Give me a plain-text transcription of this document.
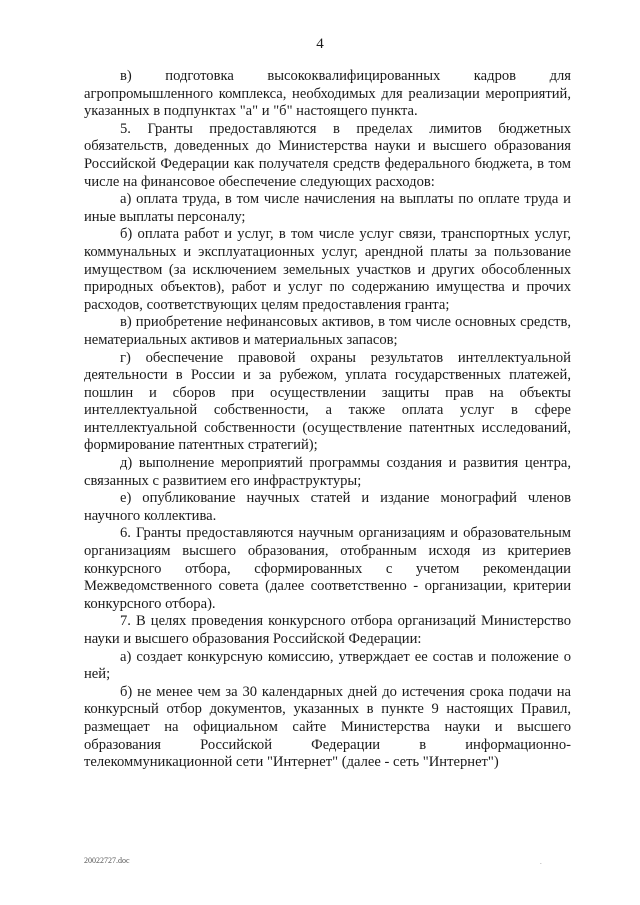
4

в) подготовка высококвалифицированных кадров для агропромышленного комплекса, необходимых для реализации мероприятий, указанных в подпунктах "а" и "б" настоящего пункта.

5. Гранты предоставляются в пределах лимитов бюджетных обязательств, доведенных до Министерства науки и высшего образования Российской Федерации как получателя средств федерального бюджета, в том числе на финансовое обеспечение следующих расходов:

а) оплата труда, в том числе начисления на выплаты по оплате труда и иные выплаты персоналу;

б) оплата работ и услуг, в том числе услуг связи, транспортных услуг, коммунальных и эксплуатационных услуг, арендной платы за пользование имуществом (за исключением земельных участков и других обособленных природных объектов), работ и услуг по содержанию имущества и прочих расходов, соответствующих целям предоставления гранта;

в) приобретение нефинансовых активов, в том числе основных средств, нематериальных активов и материальных запасов;

г) обеспечение правовой охраны результатов интеллектуальной деятельности в России и за рубежом, уплата государственных платежей, пошлин и сборов при осуществлении защиты прав на объекты интеллектуальной собственности, а также оплата услуг в сфере интеллектуальной собственности (осуществление патентных исследований, формирование патентных стратегий);

д) выполнение мероприятий программы создания и развития центра, связанных с развитием его инфраструктуры;

е) опубликование научных статей и издание монографий членов научного коллектива.

6. Гранты предоставляются научным организациям и образовательным организациям высшего образования, отобранным исходя из критериев конкурсного отбора, сформированных с учетом рекомендации Межведомственного совета (далее соответственно - организации, критерии конкурсного отбора).

7. В целях проведения конкурсного отбора организаций Министерство науки и высшего образования Российской Федерации:

а) создает конкурсную комиссию, утверждает ее состав и положение о ней;

б) не менее чем за 30 календарных дней до истечения срока подачи на конкурсный отбор документов, указанных в пункте 9 настоящих Правил, размещает на официальном сайте Министерства науки и высшего образования Российской Федерации в информационно-телекоммуникационной сети "Интернет" (далее - сеть "Интернет")

20022727.doc	.
